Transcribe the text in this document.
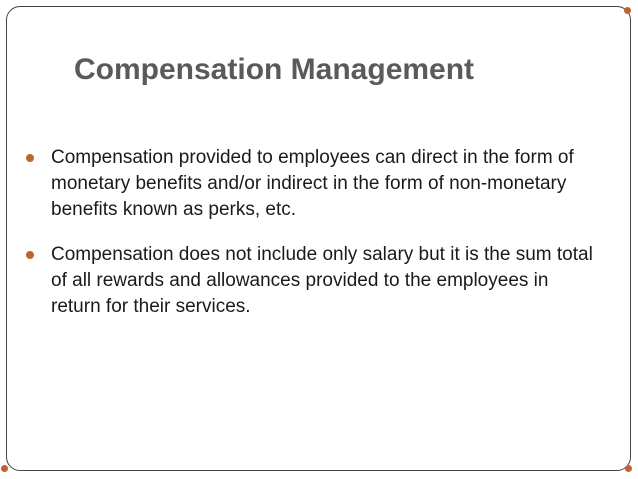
Compensation Management
Compensation provided to employees can direct in the form of monetary benefits and/or indirect in the form of non-monetary benefits known as perks, etc.
Compensation does not include only salary but it is the sum total of all rewards and allowances provided to the employees in return for their services.
